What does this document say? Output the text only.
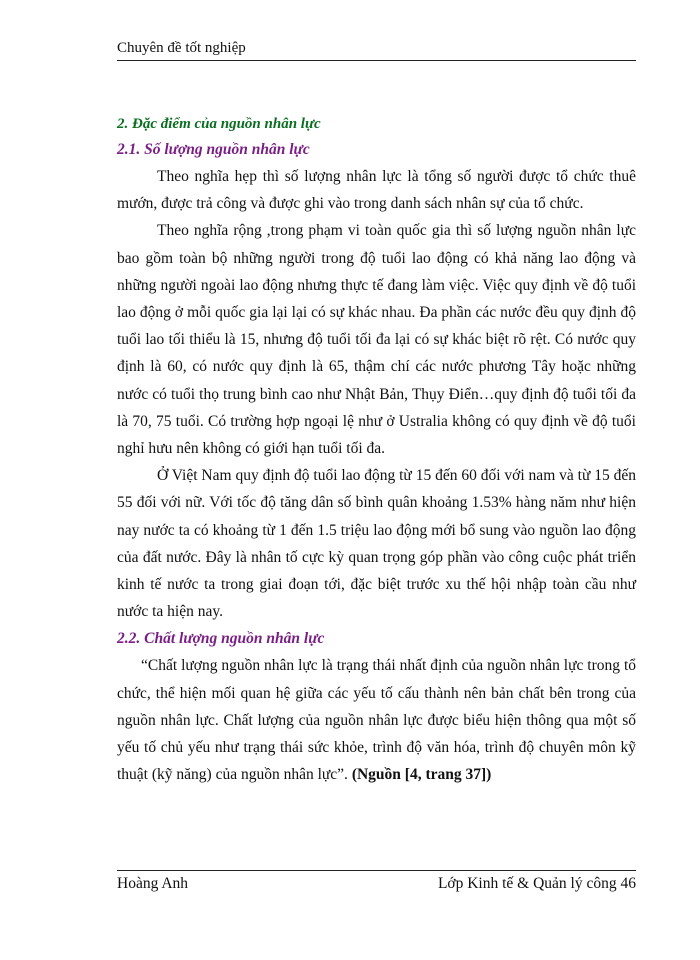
Chuyên đề tốt nghiệp
2. Đặc điểm của nguồn nhân lực
2.1. Số lượng nguồn nhân lực

Theo nghĩa hẹp thì số lượng nhân lực là tổng số người được tổ chức thuê mướn, được trả công và được ghi vào trong danh sách nhân sự của tổ chức.

Theo nghĩa rộng ,trong phạm vi toàn quốc gia thì số lượng nguồn nhân lực bao gồm toàn bộ những người trong độ tuổi lao động có khả năng lao động và những người ngoài lao động nhưng thực tế đang làm việc. Việc quy định về độ tuổi lao động ở mỗi quốc gia lại lại có sự khác nhau. Đa phần các nước đều quy định độ tuổi lao tối thiểu là 15, nhưng độ tuổi tối đa lại có sự khác biệt rõ rệt. Có nước quy định là 60, có nước quy định là 65, thậm chí các nước phương Tây hoặc những nước có tuổi thọ trung bình cao như Nhật Bản, Thụy Điển…quy định độ tuổi tối đa là 70, 75 tuổi. Có trường hợp ngoại lệ như ở Ustralia không có quy định về độ tuổi nghỉ hưu nên không có giới hạn tuổi tối đa.

Ở Việt Nam quy định độ tuổi lao động từ 15 đến 60 đối với nam và từ 15 đến 55 đối với nữ. Với tốc độ tăng dân số bình quân khoảng 1.53% hàng năm như hiện nay nước ta có khoảng từ 1 đến 1.5 triệu lao động mới bổ sung vào nguồn lao động của đất nước. Đây là nhân tố cực kỳ quan trọng góp phần vào công cuộc phát triển kinh tế nước ta trong giai đoạn tới, đặc biệt trước xu thế hội nhập toàn cầu như nước ta hiện nay.

2.2. Chất lượng nguồn nhân lực

“Chất lượng nguồn nhân lực là trạng thái nhất định của nguồn nhân lực trong tổ chức, thể hiện mối quan hệ giữa các yếu tố cấu thành nên bản chất bên trong của nguồn nhân lực. Chất lượng của nguồn nhân lực được biểu hiện thông qua một số yếu tố chủ yếu như trạng thái sức khỏe, trình độ văn hóa, trình độ chuyên môn kỹ thuật (kỹ năng) của nguồn nhân lực”. (Nguồn [4, trang 37])

Hoàng Anh	Lớp Kinh tế & Quản lý công 46
